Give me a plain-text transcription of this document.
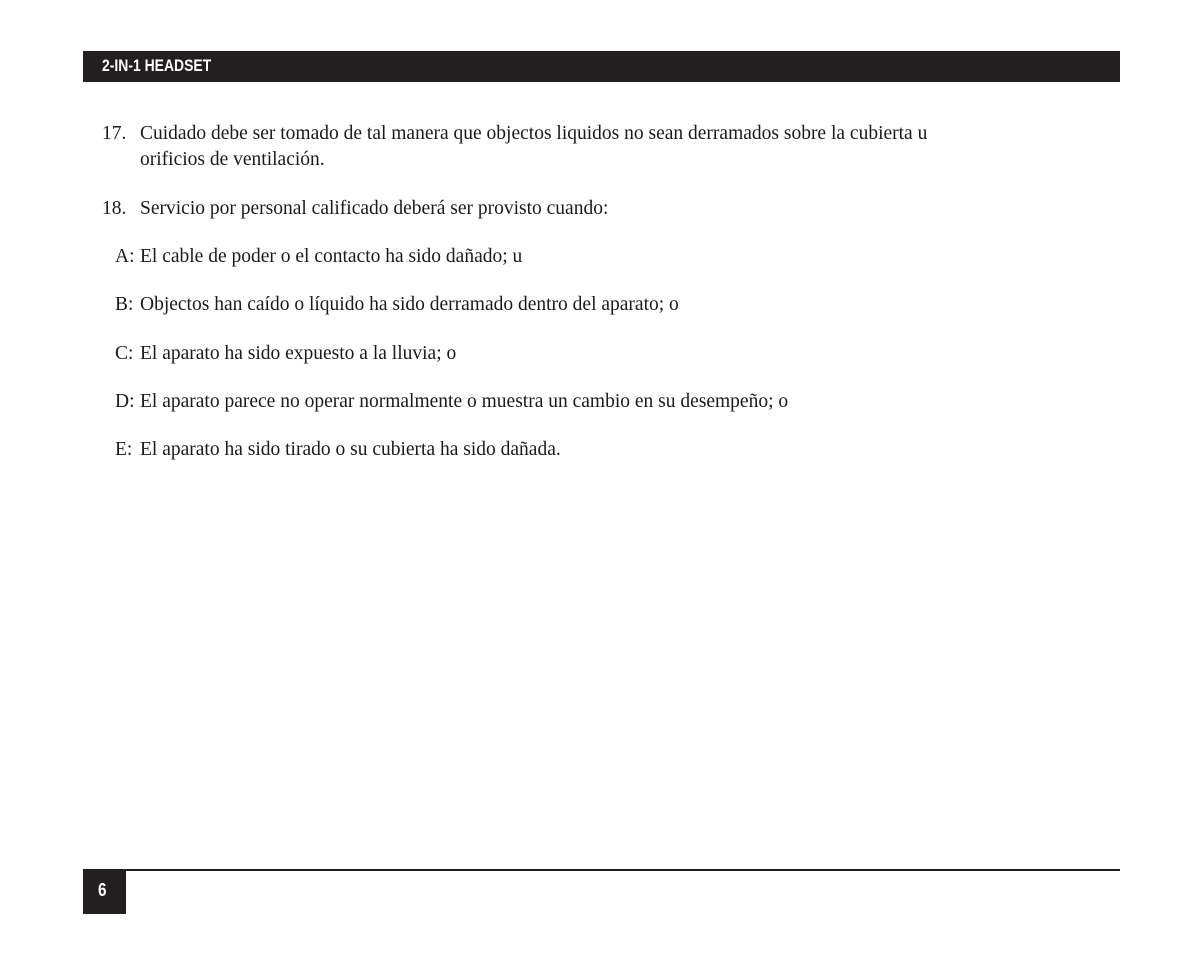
2-IN-1 HEADSET
17. Cuidado debe ser tomado de tal manera que objectos liquidos no sean derramados sobre la cubierta u
orificios de ventilación.
18. Servicio por personal calificado deberá ser provisto cuando:
A: El cable de poder o el contacto ha sido dañado; u
B: Objectos han caído o líquido ha sido derramado dentro del aparato; o
C: El aparato ha sido expuesto a la lluvia; o
D: El aparato parece no operar normalmente o muestra un cambio en su desempeño; o
E: El aparato ha sido tirado o su cubierta ha sido dañada.
6
